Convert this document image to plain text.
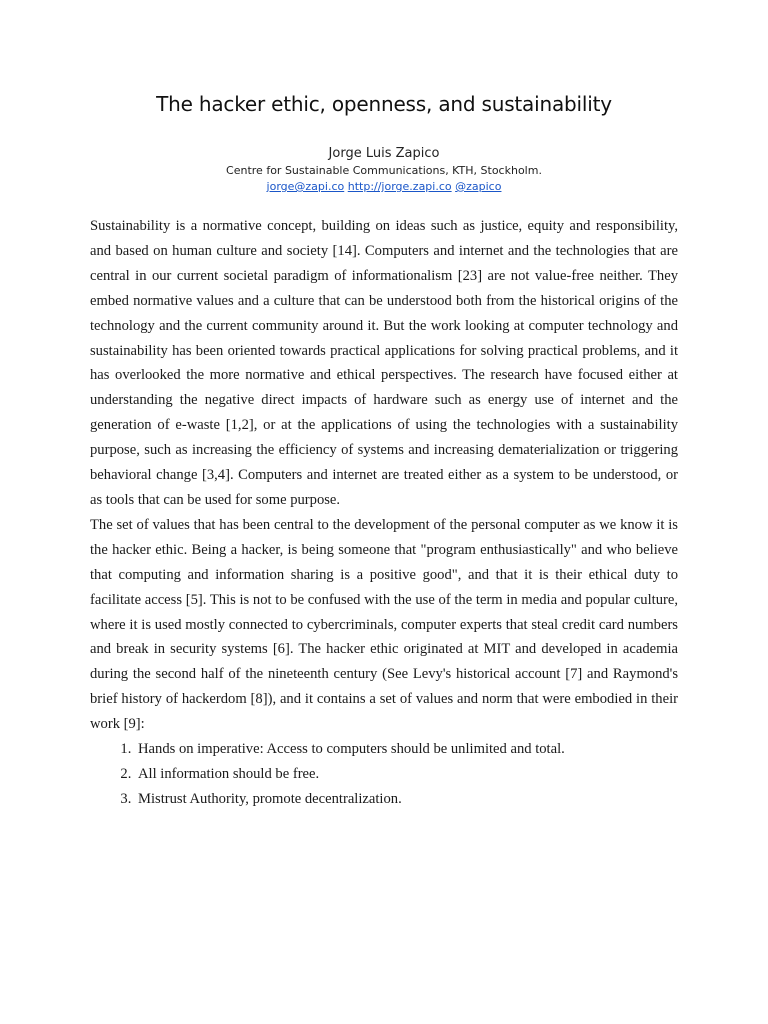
The hacker ethic, openness, and sustainability
Jorge Luis Zapico
Centre for Sustainable Communications, KTH, Stockholm.
jorge@zapi.co http://jorge.zapi.co @zapico

Sustainability is a normative concept, building on ideas such as justice, equity and responsibility, and based on human culture and society [14]. Computers and internet and the technologies that are central in our current societal paradigm of informationalism [23] are not value-free neither. They embed normative values and a culture that can be understood both from the historical origins of the technology and the current community around it. But the work looking at computer technology and sustainability has been oriented towards practical applications for solving practical problems, and it has overlooked the more normative and ethical perspectives. The research have focused either at understanding the negative direct impacts of hardware such as energy use of internet and the generation of e-waste [1,2], or at the applications of using the technologies with a sustainability purpose, such as increasing the efficiency of systems and increasing dematerialization or triggering behavioral change [3,4]. Computers and internet are treated either as a system to be understood, or as tools that can be used for some purpose.

The set of values that has been central to the development of the personal computer as we know it is the hacker ethic. Being a hacker, is being someone that "program enthusiastically" and who believe that computing and information sharing is a positive good", and that it is their ethical duty to facilitate access [5]. This is not to be confused with the use of the term in media and popular culture, where it is used mostly connected to cybercriminals, computer experts that steal credit card numbers and break in security systems [6]. The hacker ethic originated at MIT and developed in academia during the second half of the nineteenth century (See Levy's historical account [7] and Raymond's brief history of hackerdom [8]), and it contains a set of values and norm that were embodied in their work [9]:

1. Hands on imperative: Access to computers should be unlimited and total.
2. All information should be free.
3. Mistrust Authority, promote decentralization.
